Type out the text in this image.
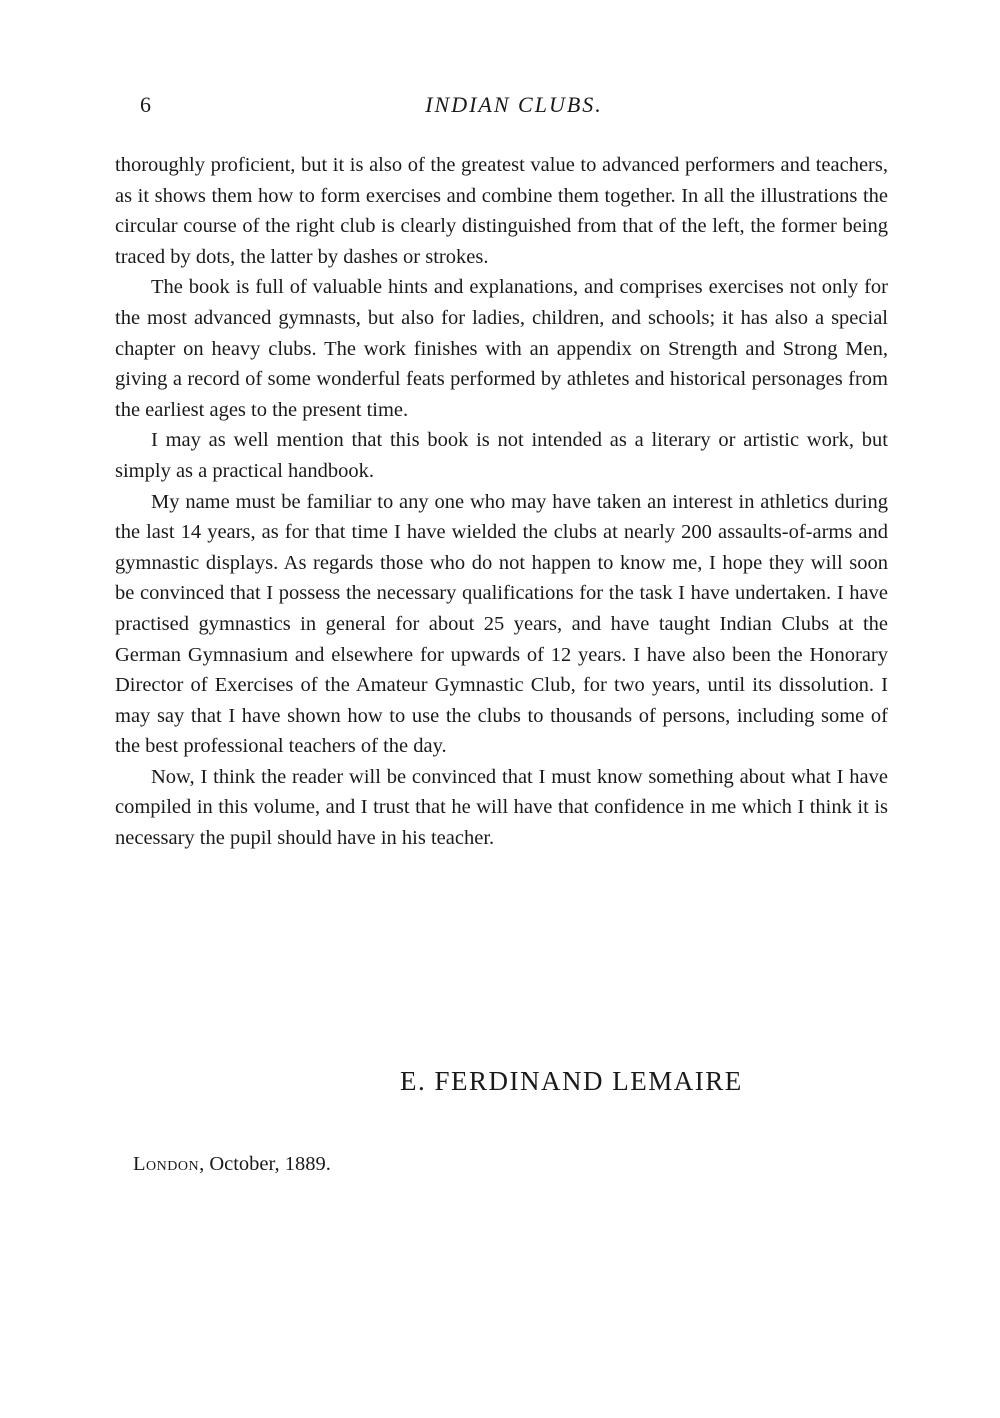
6	INDIAN CLUBS.

thoroughly proficient, but it is also of the greatest value to advanced performers and teachers, as it shows them how to form exercises and combine them together. In all the illustrations the circular course of the right club is clearly distinguished from that of the left, the former being traced by dots, the latter by dashes or strokes.

The book is full of valuable hints and explanations, and comprises exercises not only for the most advanced gymnasts, but also for ladies, children, and schools; it has also a special chapter on heavy clubs. The work finishes with an appendix on Strength and Strong Men, giving a record of some wonderful feats performed by athletes and historical personages from the earliest ages to the present time.

I may as well mention that this book is not intended as a literary or artistic work, but simply as a practical handbook.

My name must be familiar to any one who may have taken an interest in athletics during the last 14 years, as for that time I have wielded the clubs at nearly 200 assaults-of-arms and gymnastic displays. As regards those who do not happen to know me, I hope they will soon be convinced that I possess the necessary qualifications for the task I have undertaken. I have practised gymnastics in general for about 25 years, and have taught Indian Clubs at the German Gymnasium and elsewhere for upwards of 12 years. I have also been the Honorary Director of Exercises of the Amateur Gymnastic Club, for two years, until its dissolution. I may say that I have shown how to use the clubs to thousands of persons, including some of the best professional teachers of the day.

Now, I think the reader will be convinced that I must know something about what I have compiled in this volume, and I trust that he will have that confidence in me which I think it is necessary the pupil should have in his teacher.

E. FERDINAND LEMAIRE
London, October, 1889.
